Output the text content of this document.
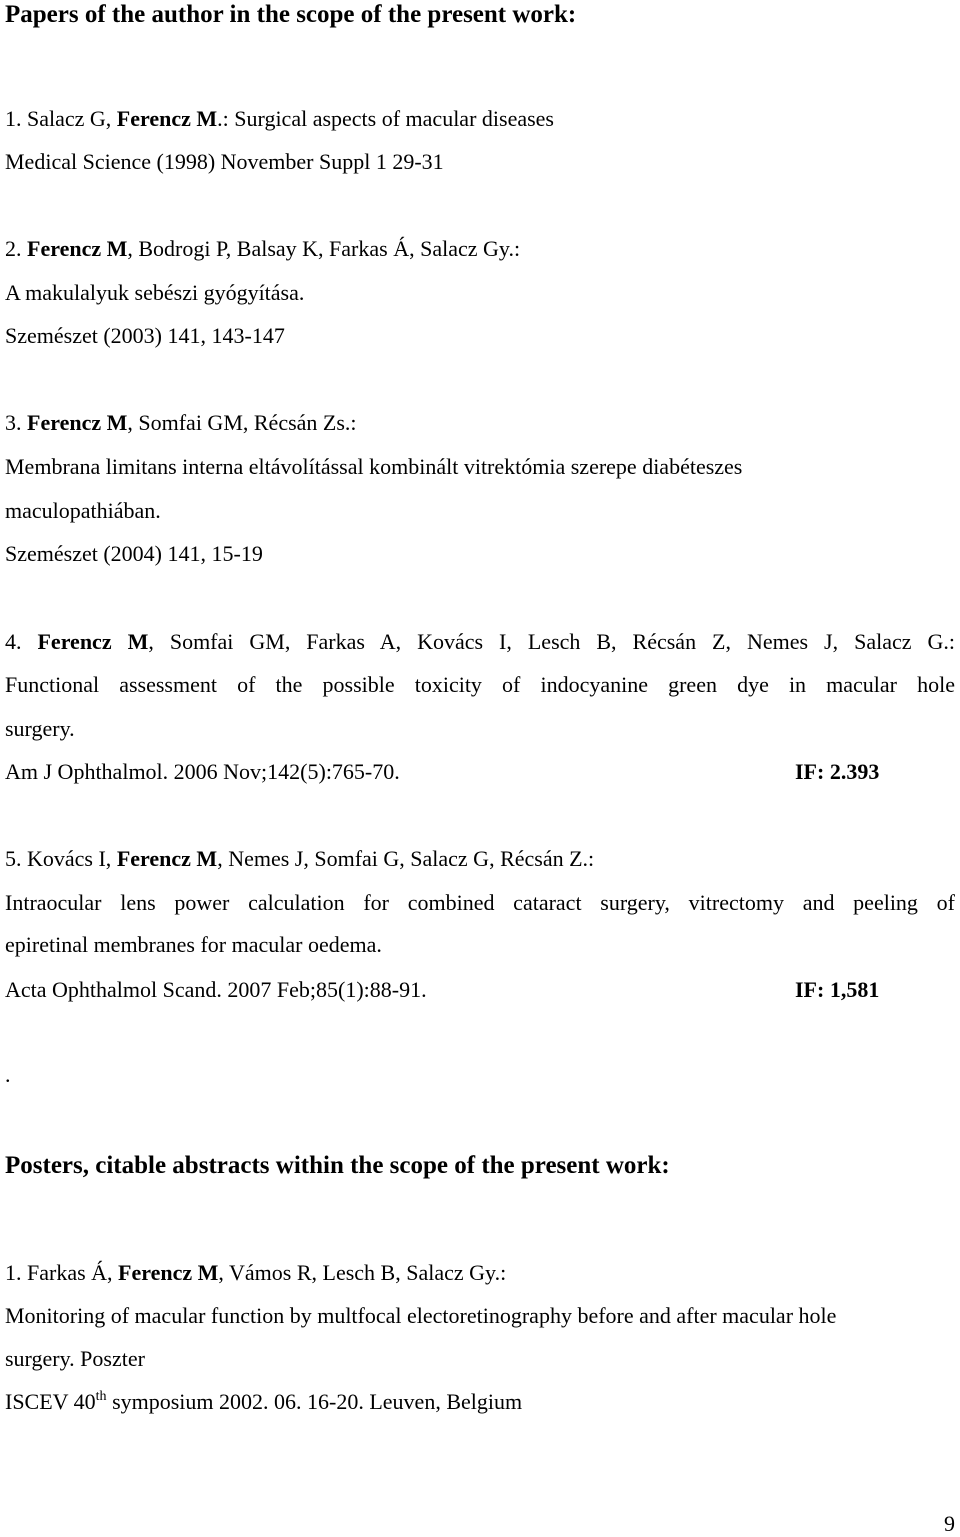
Papers of the author in the scope of the present work:
1. Salacz G, Ferencz M.: Surgical aspects of macular diseases
Medical Science (1998) November Suppl 1 29-31
2. Ferencz M, Bodrogi P, Balsay K, Farkas Á, Salacz Gy.:
A makulalyuk sebészi gyógyítása.
Szemészet (2003) 141, 143-147
3. Ferencz M, Somfai GM, Récsán Zs.:
Membrana limitans interna eltávolítással kombinált vitrektómia szerepe diabéteszes
maculopathiában.
Szemészet (2004) 141, 15-19
4. Ferencz M, Somfai GM, Farkas A, Kovács I, Lesch B, Récsán Z, Nemes J, Salacz G.:
Functional assessment of the possible toxicity of indocyanine green dye in macular hole
surgery.
Am J Ophthalmol. 2006 Nov;142(5):765-70.	IF: 2.393
5. Kovács I, Ferencz M, Nemes J, Somfai G, Salacz G, Récsán Z.:
Intraocular lens power calculation for combined cataract surgery, vitrectomy and peeling of
epiretinal membranes for macular oedema.
Acta Ophthalmol Scand. 2007 Feb;85(1):88-91.	IF: 1,581
.
Posters, citable abstracts within the scope of the present work:
1. Farkas Á, Ferencz M, Vámos R, Lesch B, Salacz Gy.:
Monitoring of macular function by multfocal electoretinography before and after macular hole
surgery. Poszter
ISCEV 40th symposium 2002. 06. 16-20. Leuven, Belgium
9
